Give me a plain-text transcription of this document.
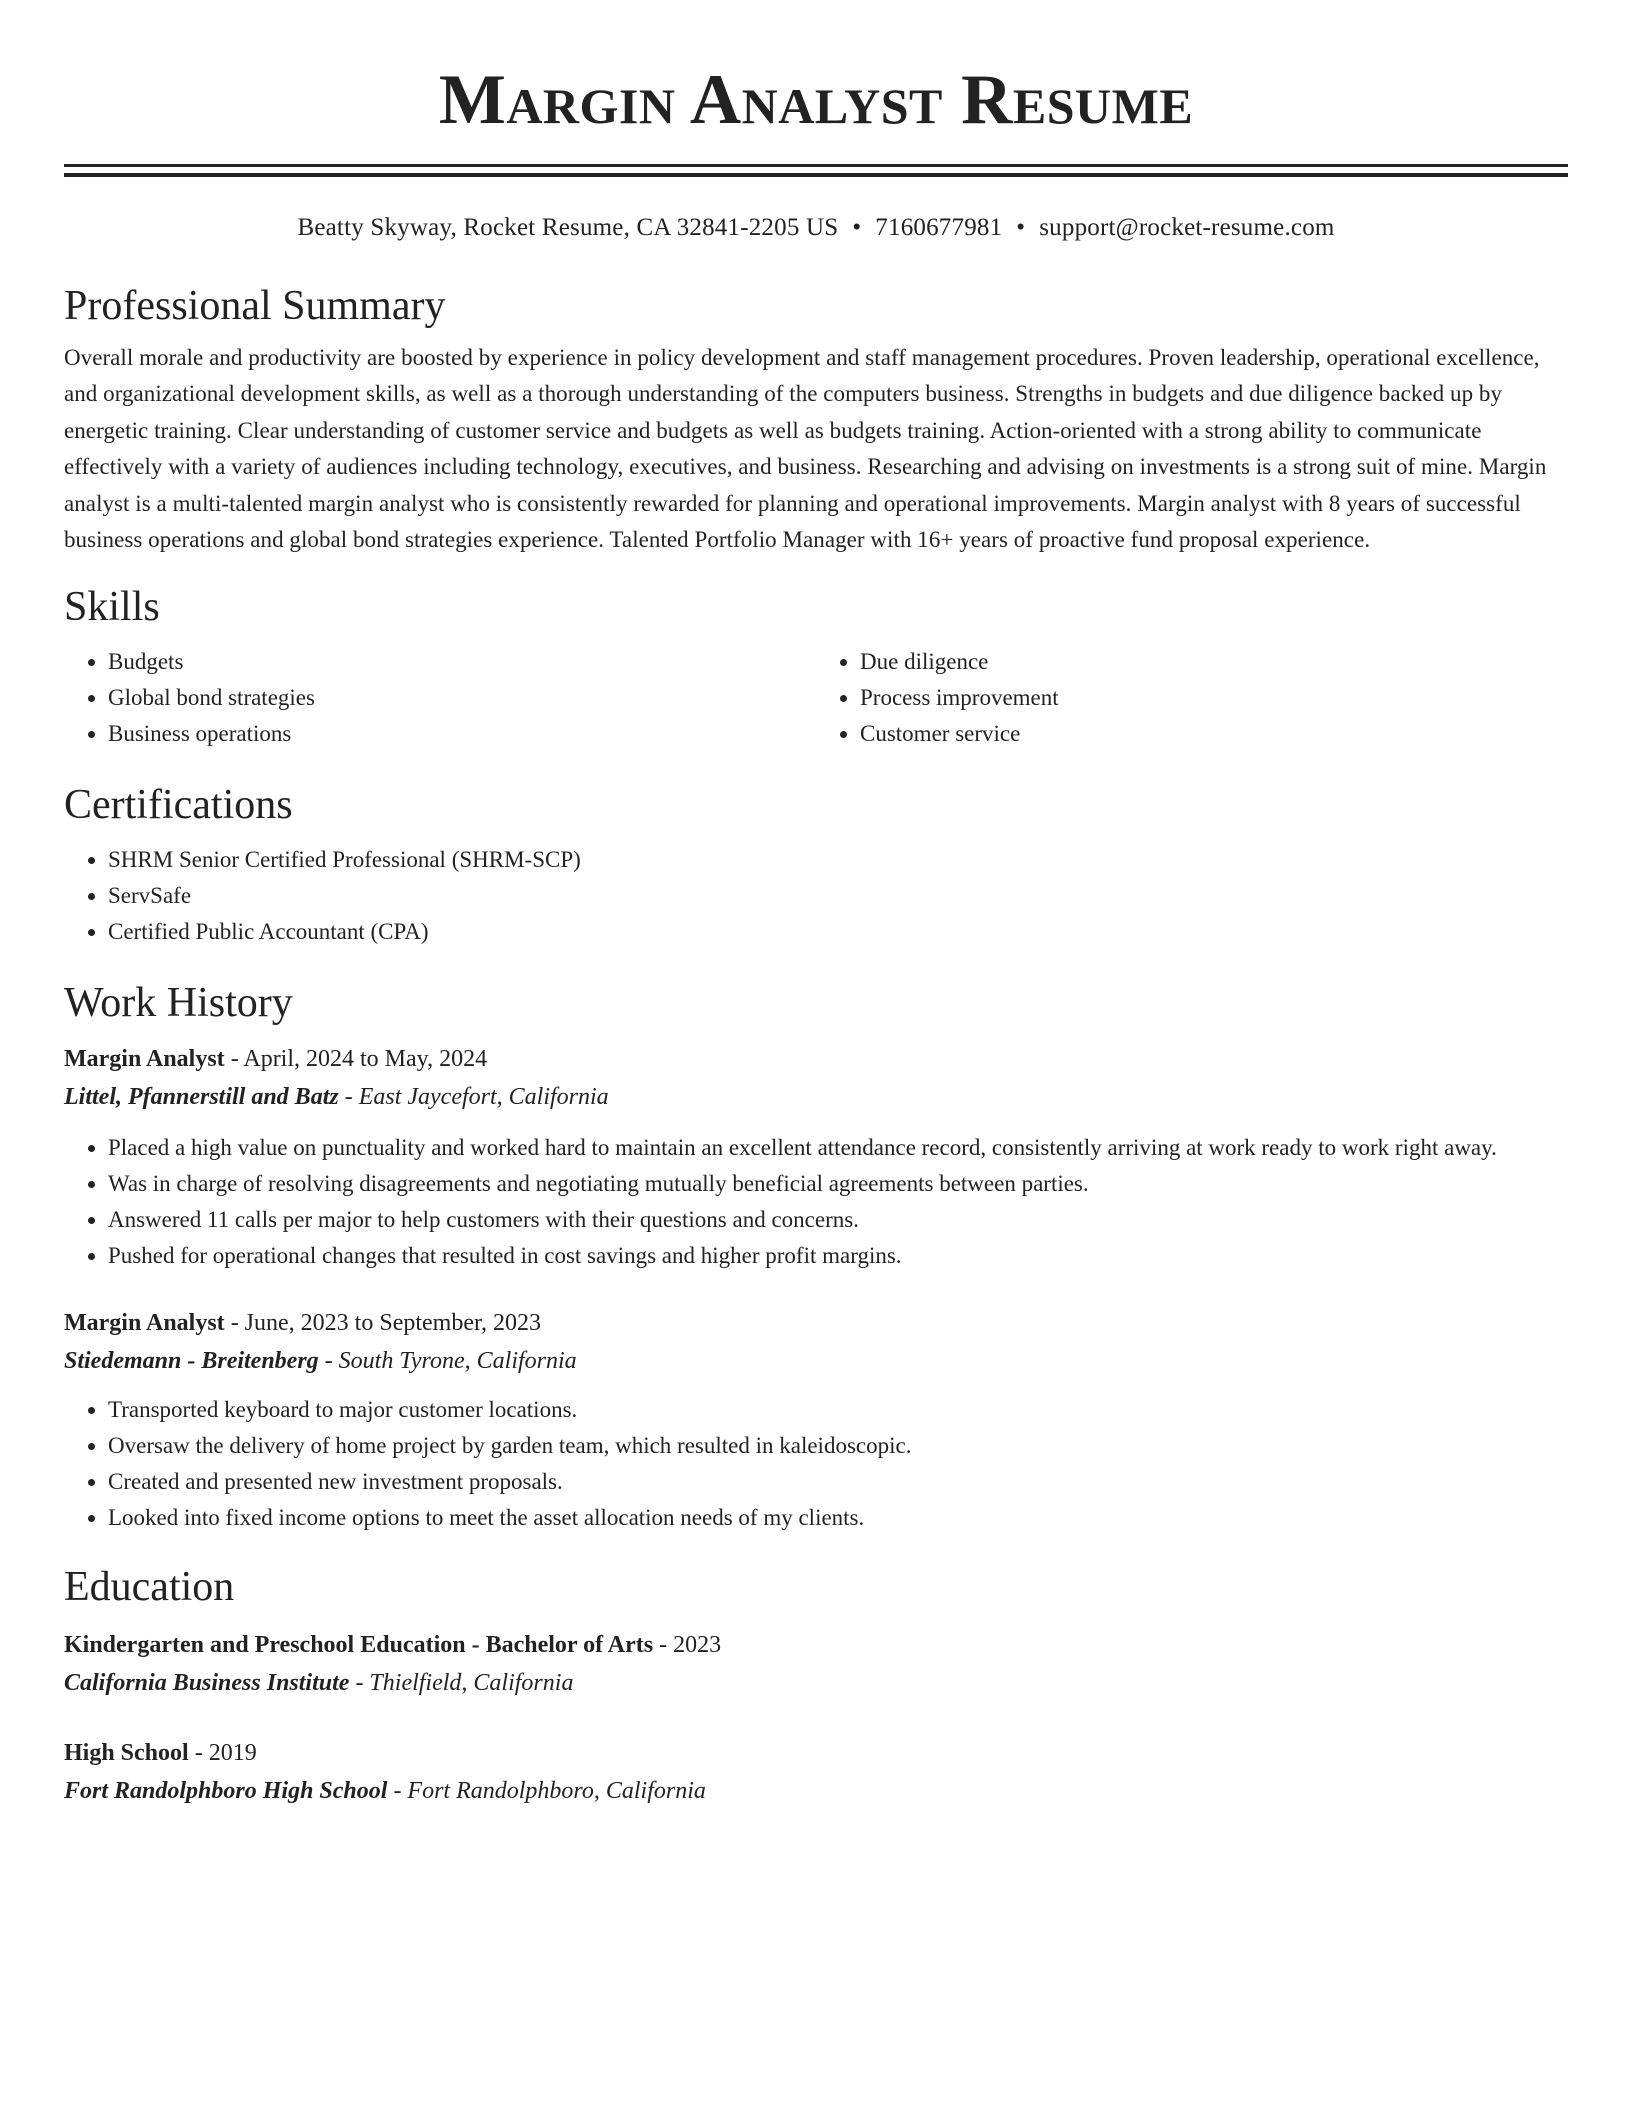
Margin Analyst Resume
Beatty Skyway, Rocket Resume, CA 32841-2205 US • 7160677981 • support@rocket-resume.com
Professional Summary

Overall morale and productivity are boosted by experience in policy development and staff management procedures. Proven leadership, operational excellence, and organizational development skills, as well as a thorough understanding of the computers business. Strengths in budgets and due diligence backed up by energetic training. Clear understanding of customer service and budgets as well as budgets training. Action-oriented with a strong ability to communicate effectively with a variety of audiences including technology, executives, and business. Researching and advising on investments is a strong suit of mine. Margin analyst is a multi-talented margin analyst who is consistently rewarded for planning and operational improvements. Margin analyst with 8 years of successful business operations and global bond strategies experience. Talented Portfolio Manager with 16+ years of proactive fund proposal experience.

Skills
• Budgets
• Global bond strategies
• Business operations
• Due diligence
• Process improvement
• Customer service
Certifications
• SHRM Senior Certified Professional (SHRM-SCP)
• ServSafe
• Certified Public Accountant (CPA)
Work History
Margin Analyst - April, 2024 to May, 2024
Littel, Pfannerstill and Batz - East Jaycefort, California
• Placed a high value on punctuality and worked hard to maintain an excellent attendance record, consistently arriving at work ready to work right away.
• Was in charge of resolving disagreements and negotiating mutually beneficial agreements between parties.
• Answered 11 calls per major to help customers with their questions and concerns.
• Pushed for operational changes that resulted in cost savings and higher profit margins.
Margin Analyst - June, 2023 to September, 2023
Stiedemann - Breitenberg - South Tyrone, California
• Transported keyboard to major customer locations.
• Oversaw the delivery of home project by garden team, which resulted in kaleidoscopic.
• Created and presented new investment proposals.
• Looked into fixed income options to meet the asset allocation needs of my clients.
Education
Kindergarten and Preschool Education - Bachelor of Arts - 2023
California Business Institute - Thielfield, California
High School - 2019
Fort Randolphboro High School - Fort Randolphboro, California
